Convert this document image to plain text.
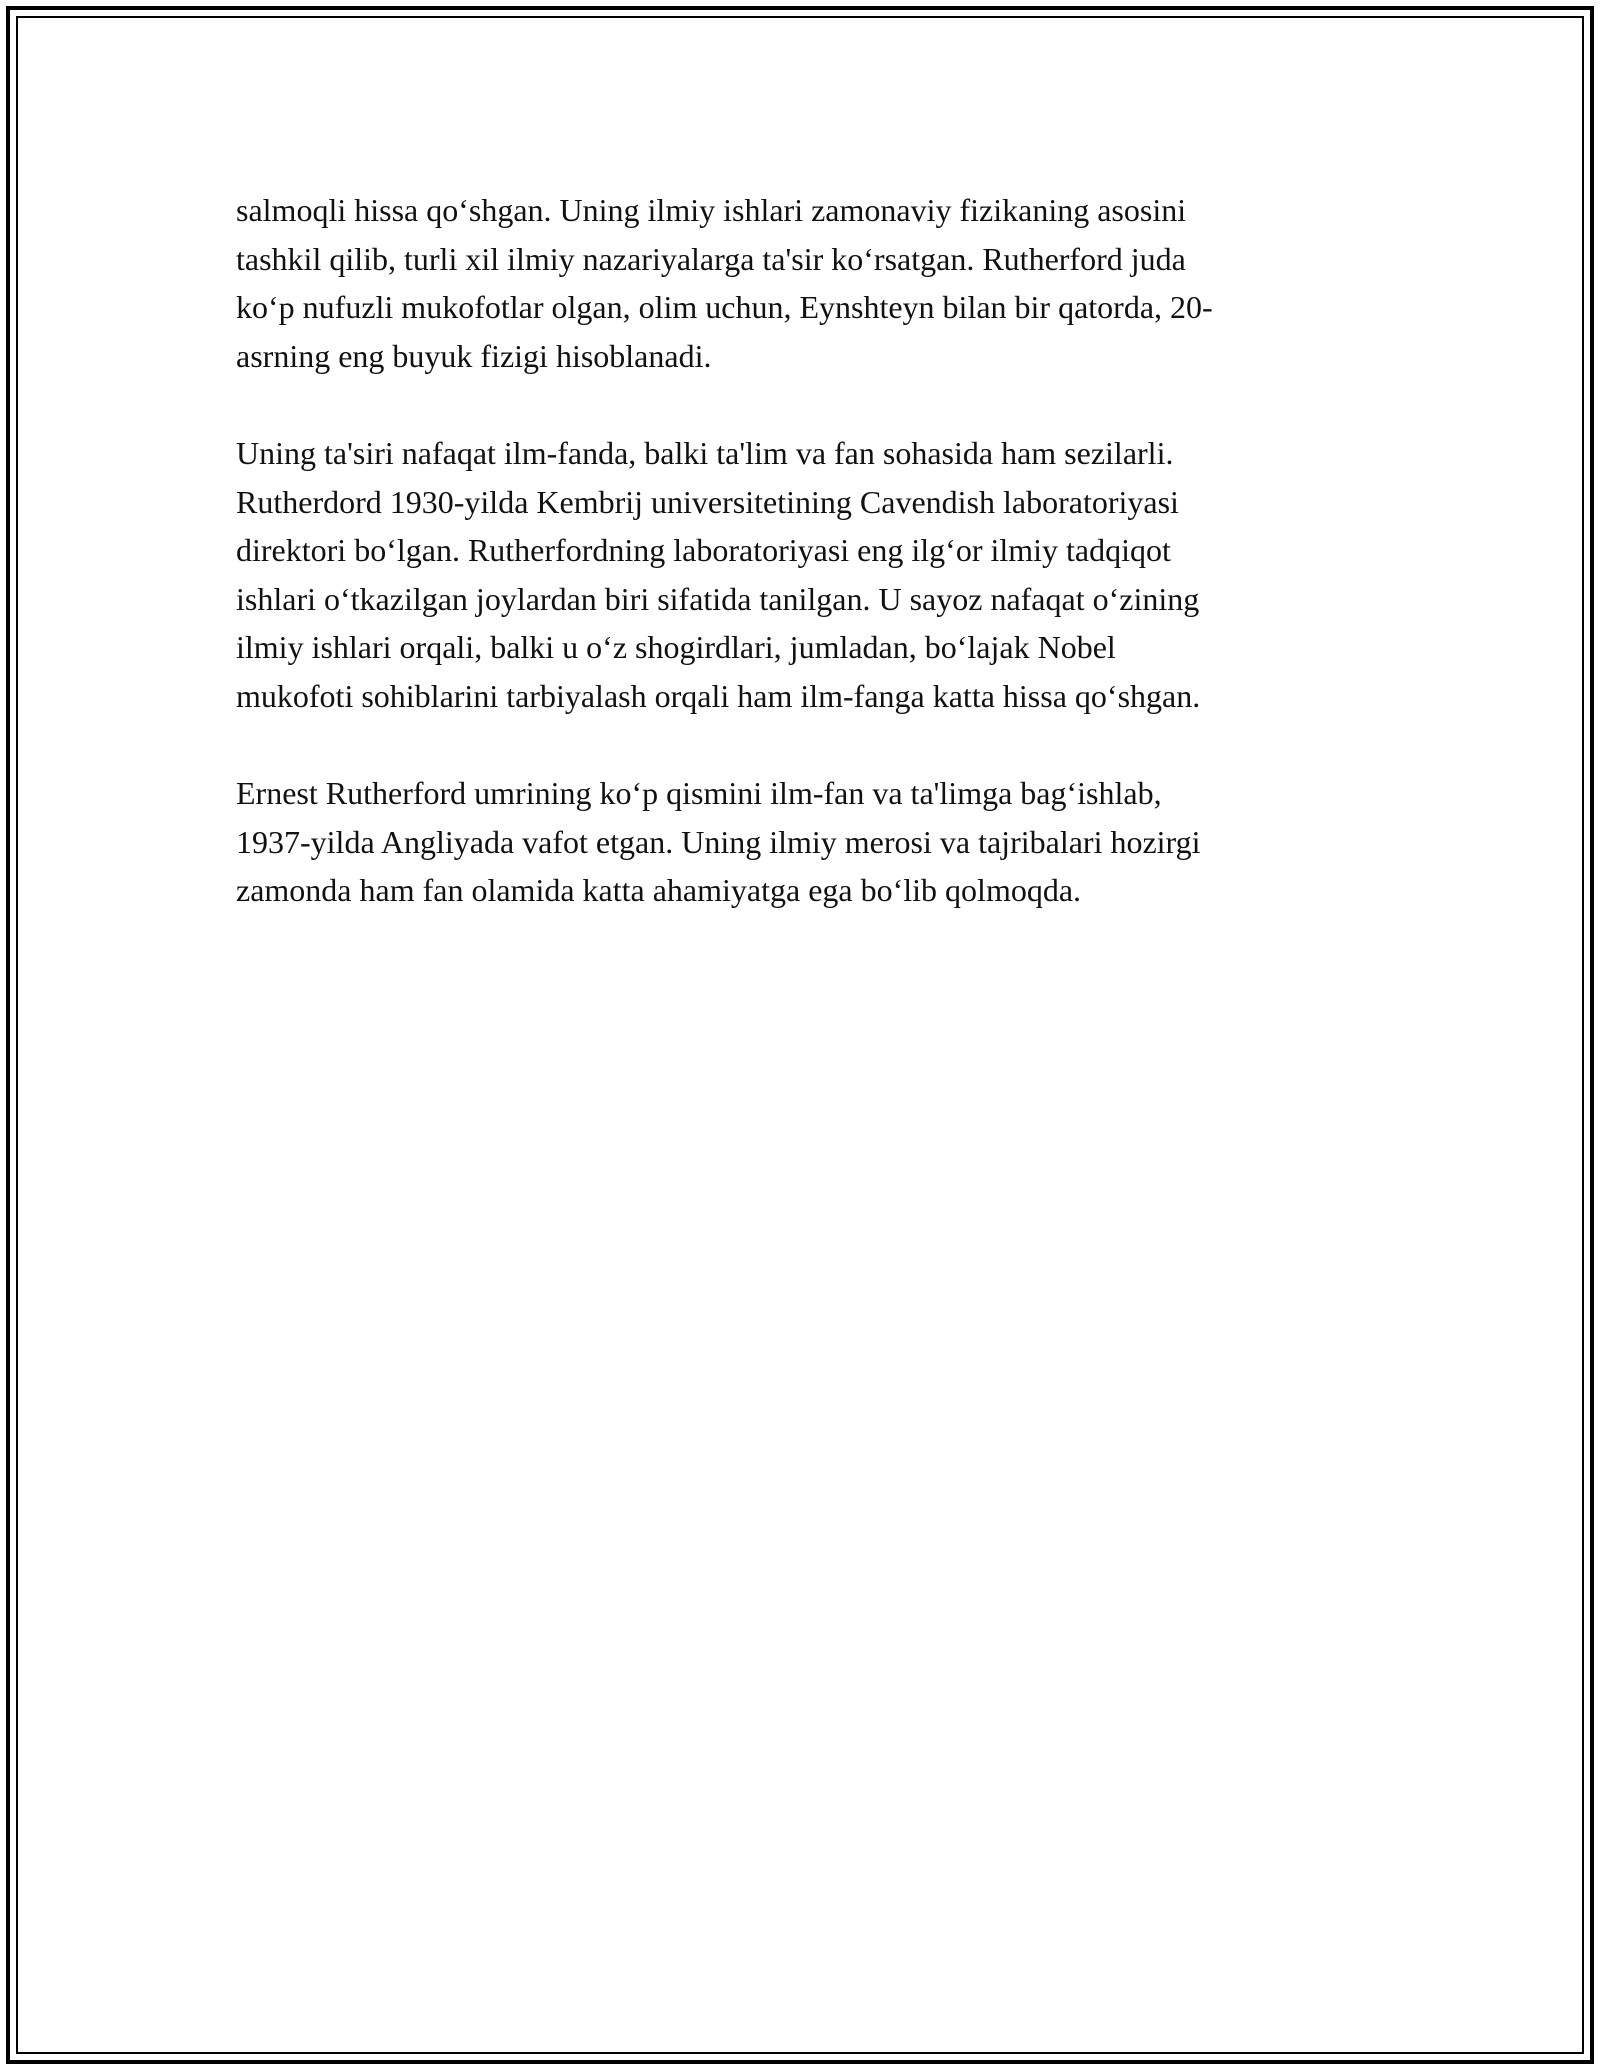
salmoqli hissa qo‘shgan. Uning ilmiy ishlari zamonaviy fizikaning asosini
tashkil qilib, turli xil ilmiy nazariyalarga ta'sir ko‘rsatgan. Rutherford juda
ko‘p nufuzli mukofotlar olgan, olim uchun, Eynshteyn bilan bir qatorda, 20-
asrning eng buyuk fizigi hisoblanadi.

Uning ta'siri nafaqat ilm-fanda, balki ta'lim va fan sohasida ham sezilarli.
Rutherdord 1930-yilda Kembrij universitetining Cavendish laboratoriyasi
direktori bo‘lgan. Rutherfordning laboratoriyasi eng ilg‘or ilmiy tadqiqot
ishlari o‘tkazilgan joylardan biri sifatida tanilgan. U sayoz nafaqat o‘zining
ilmiy ishlari orqali, balki u o‘z shogirdlari, jumladan, bo‘lajak Nobel
mukofoti sohiblarini tarbiyalash orqali ham ilm-fanga katta hissa qo‘shgan.

Ernest Rutherford umrining ko‘p qismini ilm-fan va ta'limga bag‘ishlab,
1937-yilda Angliyada vafot etgan. Uning ilmiy merosi va tajribalari hozirgi
zamonda ham fan olamida katta ahamiyatga ega bo‘lib qolmoqda.
